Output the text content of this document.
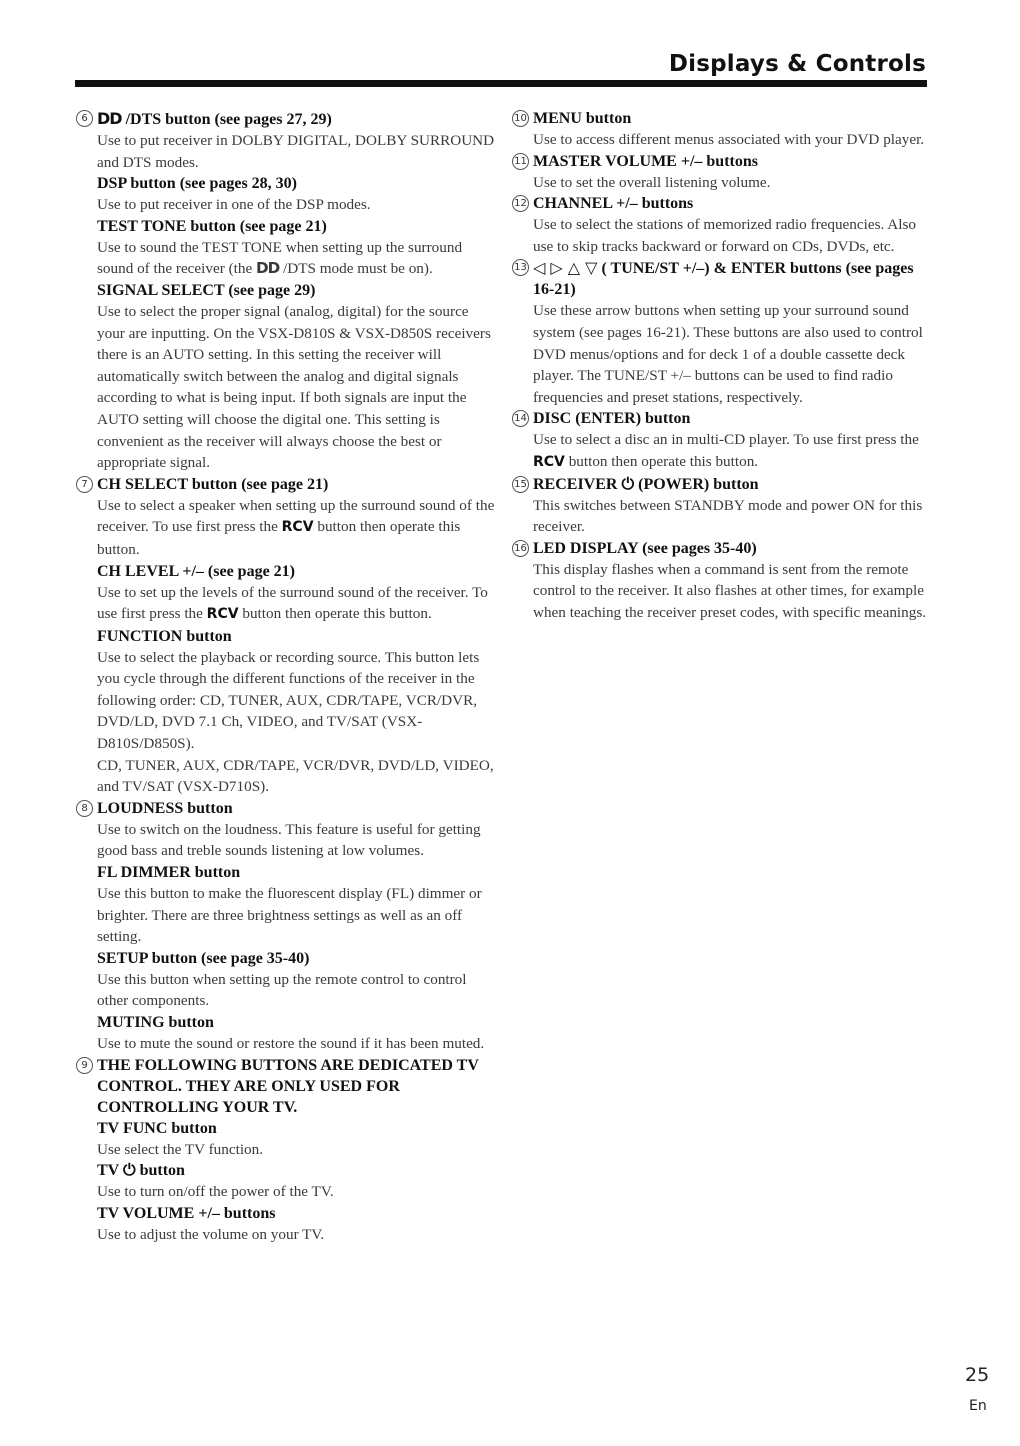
Displays & Controls
6 DD /DTS button (see pages 27, 29)
Use to put receiver in DOLBY DIGITAL, DOLBY SURROUND and DTS modes.
DSP button (see pages 28, 30)
Use to put receiver in one of the DSP modes.
TEST TONE button (see page 21)
Use to sound the TEST TONE when setting up the surround sound of the receiver (the DD /DTS mode must be on).
SIGNAL SELECT (see page 29)
Use to select the proper signal (analog, digital) for the source your are inputting. On the VSX-D810S & VSX-D850S receivers there is an AUTO setting. In this setting the receiver will automatically switch between the analog and digital signals according to what is being input. If both signals are input the AUTO setting will choose the digital one. This setting is convenient as the receiver will always choose the best or appropriate signal.
7 CH SELECT button (see page 21)
Use to select a speaker when setting up the surround sound of the receiver. To use first press the RCV button then operate this button.
CH LEVEL +/– (see page 21)
Use to set up the levels of the surround sound of the receiver. To use first press the RCV button then operate this button.
FUNCTION button
Use to select the playback or recording source. This button lets you cycle through the different functions of the receiver in the following order: CD, TUNER, AUX, CDR/TAPE, VCR/DVR, DVD/LD, DVD 7.1 Ch, VIDEO, and TV/SAT (VSX-D810S/D850S).
CD, TUNER, AUX, CDR/TAPE, VCR/DVR, DVD/LD, VIDEO, and TV/SAT (VSX-D710S).
8 LOUDNESS button
Use to switch on the loudness. This feature is useful for getting good bass and treble sounds listening at low volumes.
FL DIMMER button
Use this button to make the fluorescent display (FL) dimmer or brighter. There are three brightness settings as well as an off setting.
SETUP button (see page 35-40)
Use this button when setting up the remote control to control other components.
MUTING button
Use to mute the sound or restore the sound if it has been muted.
9 THE FOLLOWING BUTTONS ARE DEDICATED TV CONTROL. THEY ARE ONLY USED FOR CONTROLLING YOUR TV.
TV FUNC button
Use select the TV function.
TV ⏻ button
Use to turn on/off the power of the TV.
TV VOLUME +/– buttons
Use to adjust the volume on your TV.
10 MENU button
Use to access different menus associated with your DVD player.
11 MASTER VOLUME +/– buttons
Use to set the overall listening volume.
12 CHANNEL +/– buttons
Use to select the stations of memorized radio frequencies. Also use to skip tracks backward or forward on CDs, DVDs, etc.
13 ◁ ▷ △ ▽ ( TUNE/ST +/–) & ENTER buttons (see pages 16-21)
Use these arrow buttons when setting up your surround sound system (see pages 16-21). These buttons are also used to control DVD menus/options and for deck 1 of a double cassette deck player. The TUNE/ST +/– buttons can be used to find radio frequencies and preset stations, respectively.
14 DISC (ENTER) button
Use to select a disc an in multi-CD player. To use first press the RCV button then operate this button.
15 RECEIVER ⏻ (POWER) button
This switches between STANDBY mode and power ON for this receiver.
16 LED DISPLAY (see pages 35-40)
This display flashes when a command is sent from the remote control to the receiver. It also flashes at other times, for example when teaching the receiver preset codes, with specific meanings.
25
En
